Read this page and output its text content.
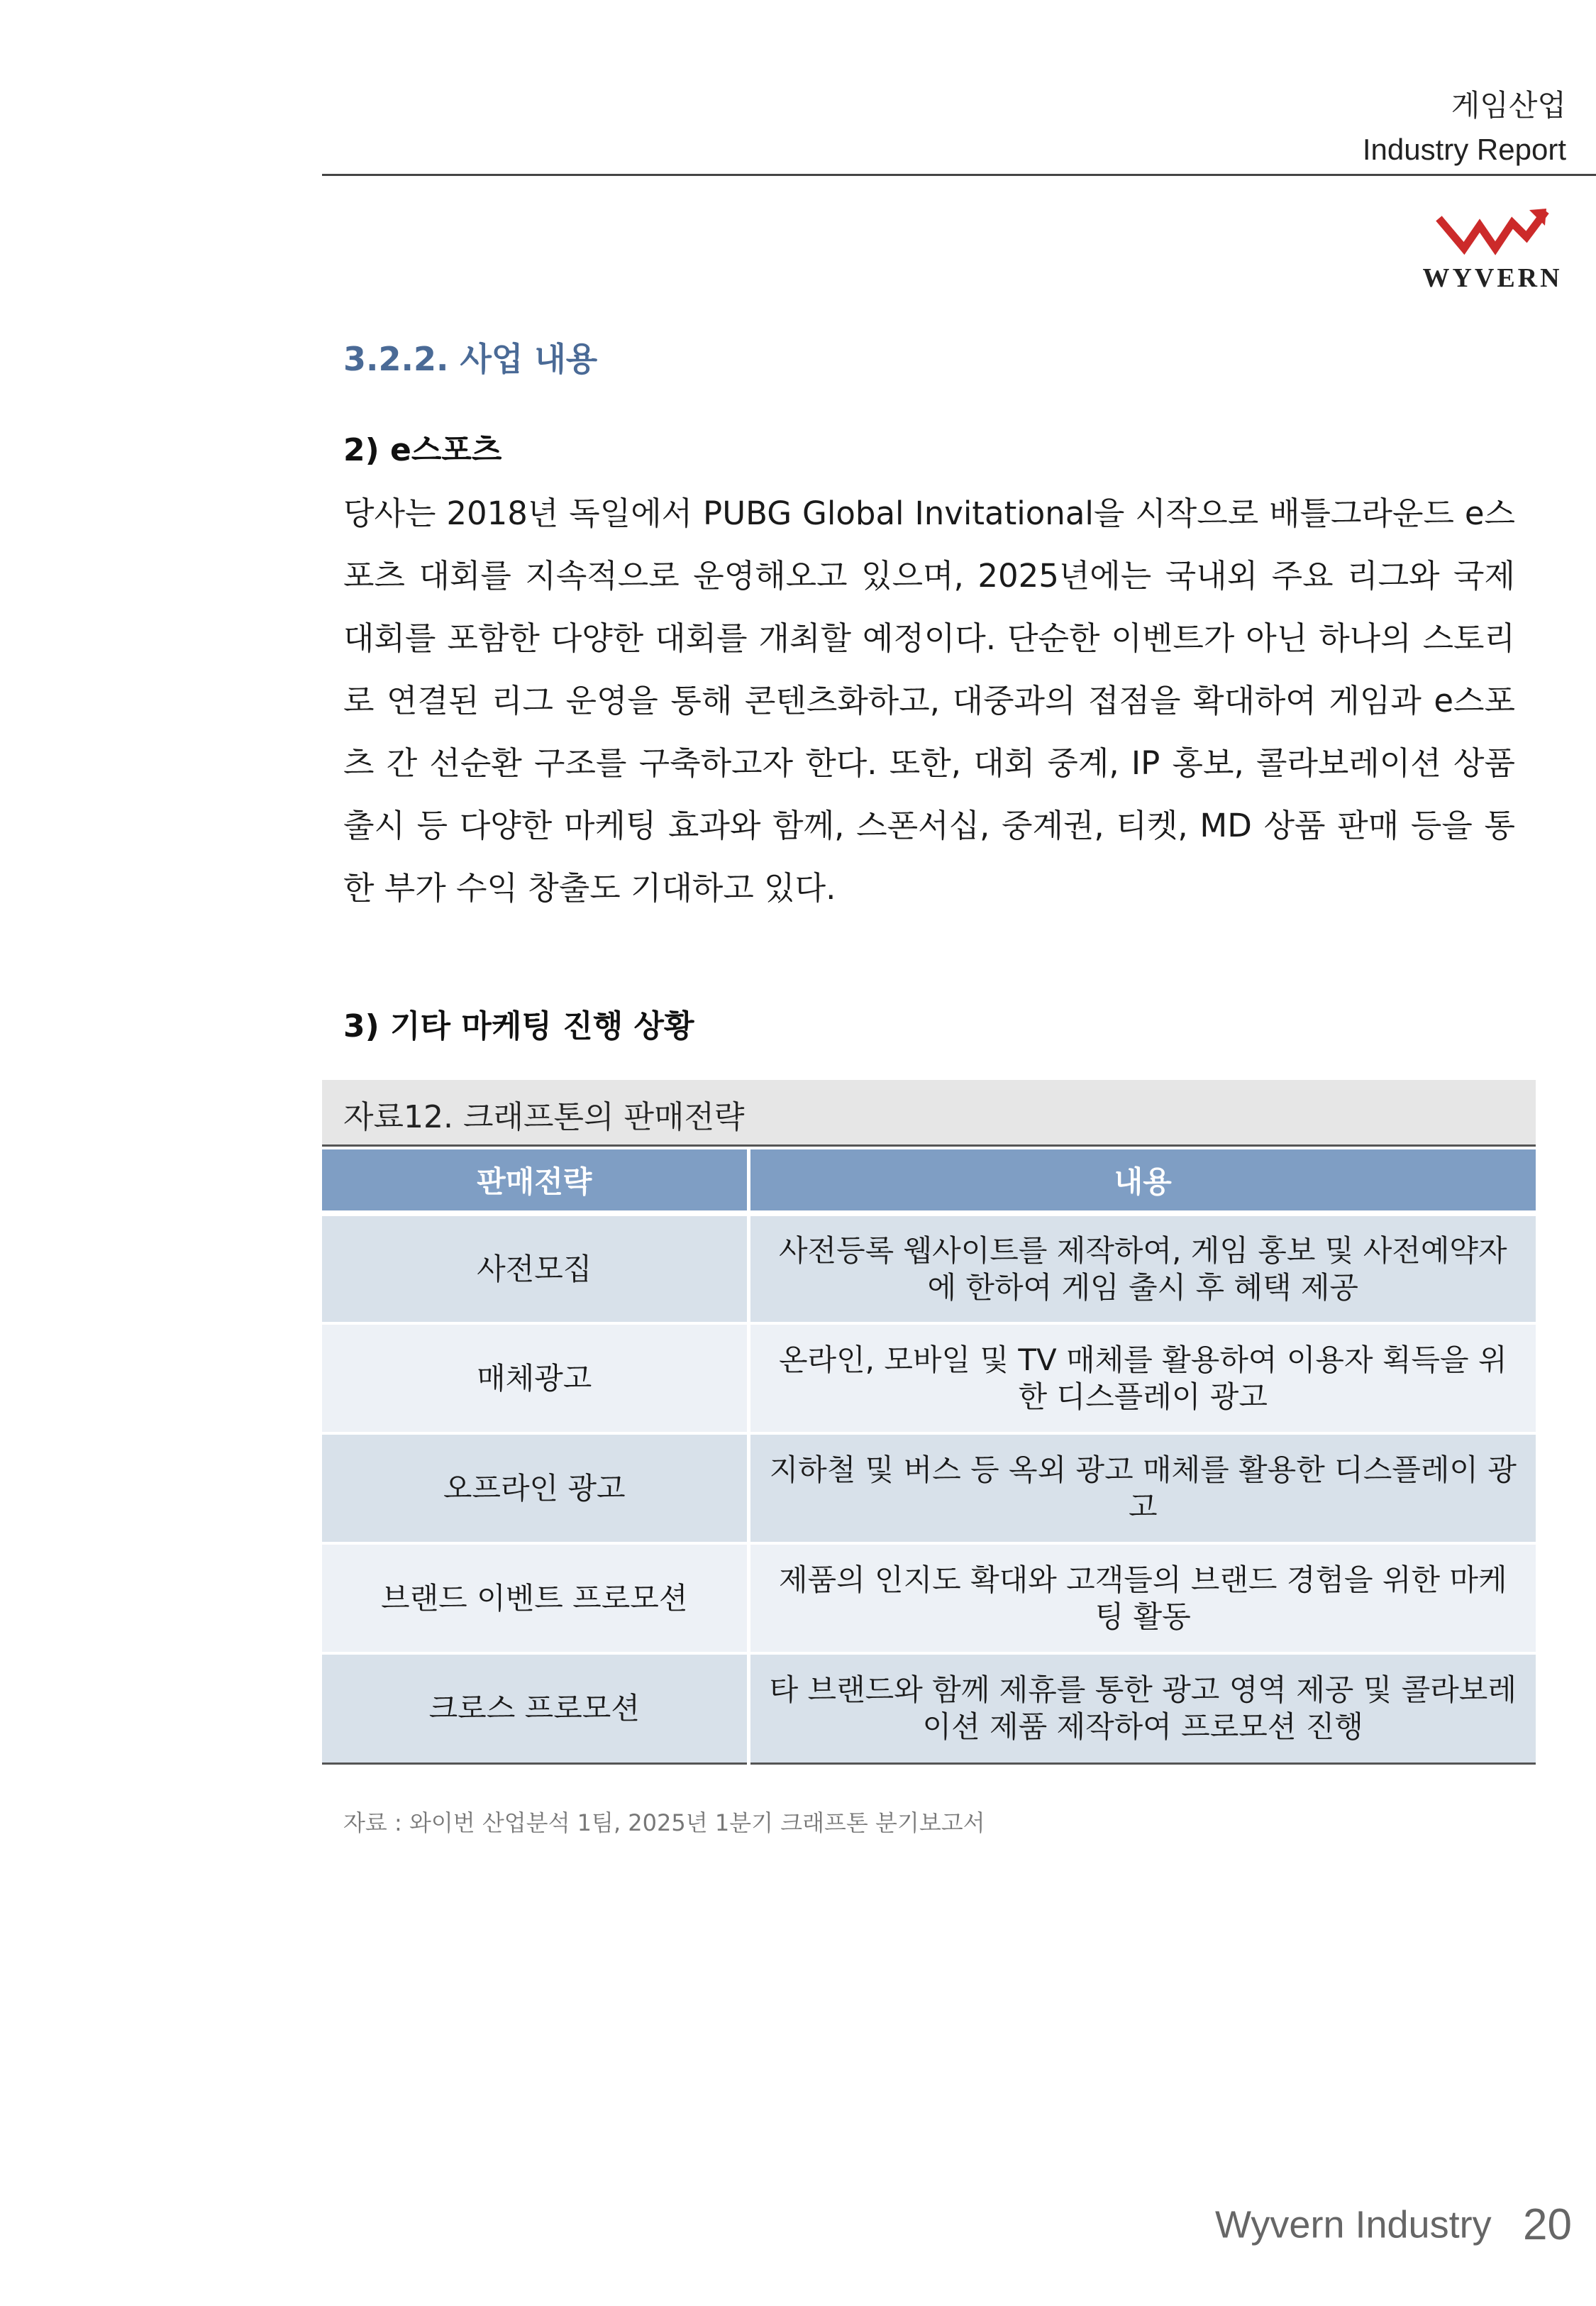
게임산업
Industry Report
WYVERN
3.2.2. 사업 내용
2) e스포츠
당사는 2018년 독일에서 PUBG Global Invitational을 시작으로 배틀그라운드 e스포츠 대회를 지속적으로 운영해오고 있으며, 2025년에는 국내외 주요 리그와 국제 대회를 포함한 다양한 대회를 개최할 예정이다. 단순한 이벤트가 아닌 하나의 스토리로 연결된 리그 운영을 통해 콘텐츠화하고, 대중과의 접점을 확대하여 게임과 e스포츠 간 선순환 구조를 구축하고자 한다. 또한, 대회 중계, IP 홍보, 콜라보레이션 상품 출시 등 다양한 마케팅 효과와 함께, 스폰서십, 중계권, 티켓, MD 상품 판매 등을 통한 부가 수익 창출도 기대하고 있다.
3) 기타 마케팅 진행 상황
자료12. 크래프톤의 판매전략
판매전략	내용
사전모집	사전등록 웹사이트를 제작하여, 게임 홍보 및 사전예약자에 한하여 게임 출시 후 혜택 제공
매체광고	온라인, 모바일 및 TV 매체를 활용하여 이용자 획득을 위한 디스플레이 광고
오프라인 광고	지하철 및 버스 등 옥외 광고 매체를 활용한 디스플레이 광고
브랜드 이벤트 프로모션	제품의 인지도 확대와 고객들의 브랜드 경험을 위한 마케팅 활동
크로스 프로모션	타 브랜드와 함께 제휴를 통한 광고 영역 제공 및 콜라보레이션 제품 제작하여 프로모션 진행
자료 : 와이번 산업분석 1팀, 2025년 1분기 크래프톤 분기보고서
Wyvern Industry 20
